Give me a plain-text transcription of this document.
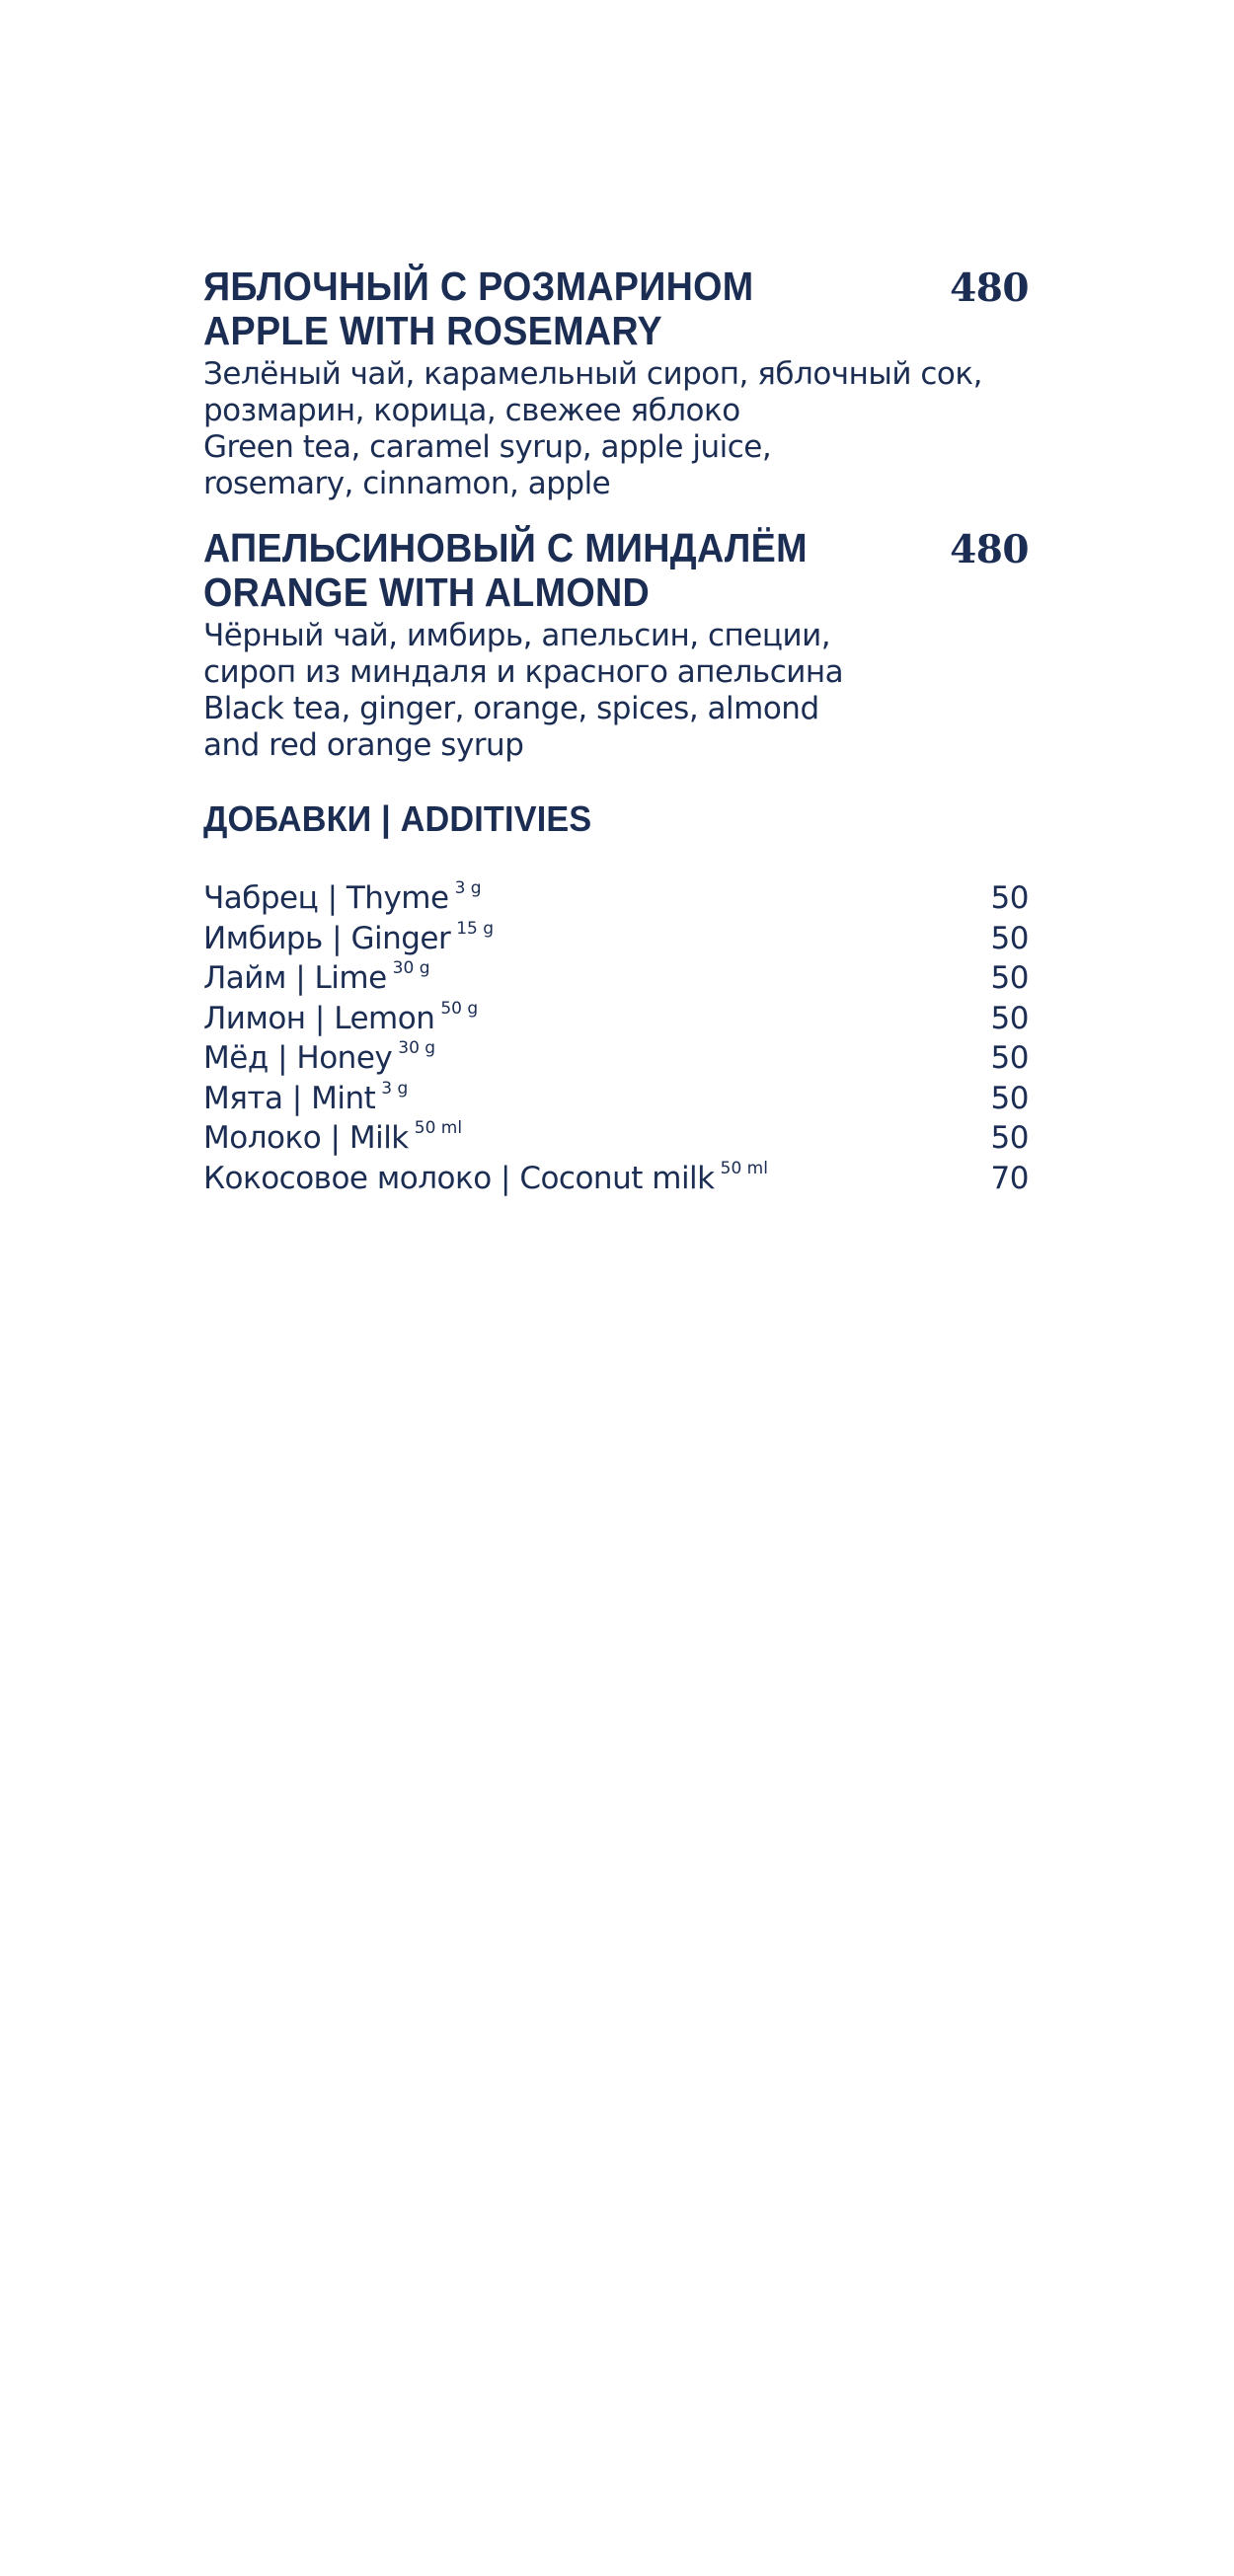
ЯБЛОЧНЫЙ С РОЗМАРИНОМ
APPLE WITH ROSEMARY
480
Зелёный чай, карамельный сироп, яблочный сок,
розмарин, корица, свежее яблоко
Green tea, caramel syrup, apple juice,
rosemary, cinnamon, apple
АПЕЛЬСИНОВЫЙ С МИНДАЛЁМ
ORANGE WITH ALMOND
480
Чёрный чай, имбирь, апельсин, специи,
сироп из миндаля и красного апельсина
Black tea, ginger, orange, spices, almond
and red orange syrup
ДОБАВКИ | ADDITIVIES
Чабрец | Thyme 3 g	50
Имбирь | Ginger 15 g	50
Лайм | Lime 30 g	50
Лимон | Lemon 50 g	50
Мёд | Honey 30 g	50
Мята | Mint 3 g	50
Молоко | Milk 50 ml	50
Кокосовое молоко | Coconut milk 50 ml	70
